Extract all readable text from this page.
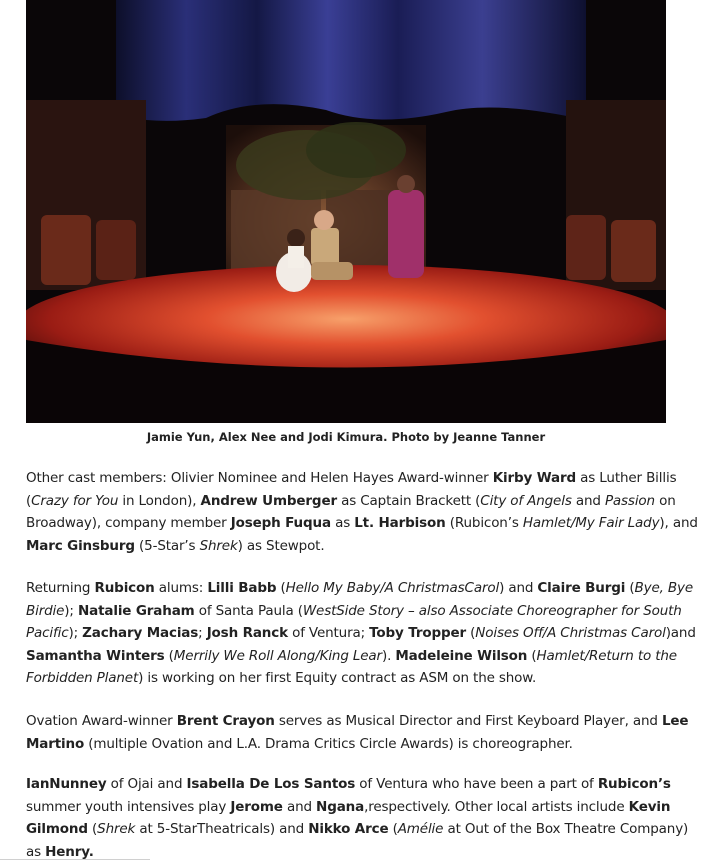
Jamie Yun, Alex Nee and Jodi Kimura. Photo by Jeanne Tanner

Other cast members: Olivier Nominee and Helen Hayes Award-winner Kirby Ward as Luther Billis (Crazy for You in London), Andrew Umberger as Captain Brackett (City of Angels and Passion on Broadway), company member Joseph Fuqua as Lt. Harbison (Rubicon’s Hamlet/My Fair Lady), and Marc Ginsburg (5-Star’s Shrek) as Stewpot.

Returning Rubicon alums: Lilli Babb (Hello My Baby/A ChristmasCarol) and Claire Burgi (Bye, Bye Birdie); Natalie Graham of Santa Paula (WestSide Story – also Associate Choreographer for South Pacific); Zachary Macias; Josh Ranck of Ventura; Toby Tropper (Noises Off/A Christmas Carol)and Samantha Winters (Merrily We Roll Along/King Lear). Madeleine Wilson (Hamlet/Return to the Forbidden Planet) is working on her first Equity contract as ASM on the show.

Ovation Award-winner Brent Crayon serves as Musical Director and First Keyboard Player, and Lee Martino (multiple Ovation and L.A. Drama Critics Circle Awards) is choreographer.

IanNunney of Ojai and Isabella De Los Santos of Ventura who have been a part of Rubicon’s summer youth intensives play Jerome and Ngana,respectively. Other local artists include Kevin Gilmond (Shrek at 5-StarTheatricals) and Nikko Arce (Amélie at Out of the Box Theatre Company) as Henry.
